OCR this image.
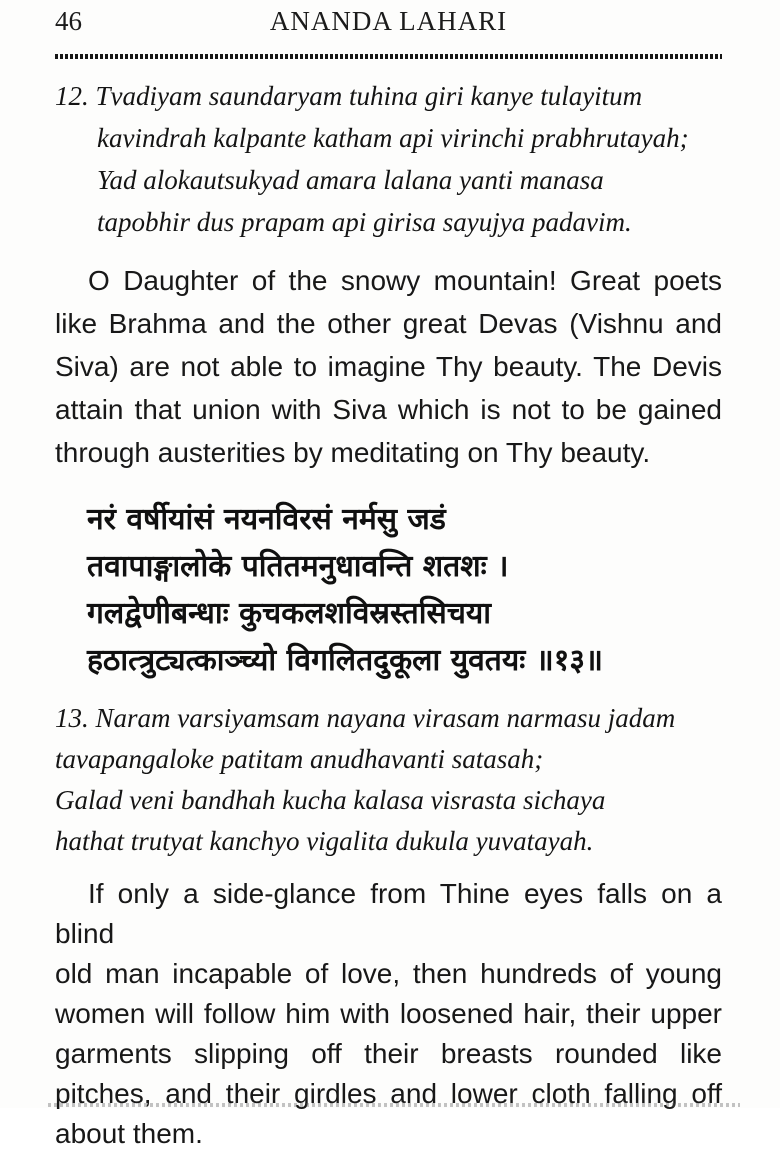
46	ANANDA LAHARI
12. Tvadiyam saundaryam tuhina giri kanye tulayitum
kavindrah kalpante katham api virinchi prabhrutayah;
Yad alokautsukyad amara lalana yanti manasa
tapobhir dus prapam api girisa sayujya padavim.
O Daughter of the snowy mountain! Great poets
like Brahma and the other great Devas (Vishnu and
Siva) are not able to imagine Thy beauty. The Devis
attain that union with Siva which is not to be gained
through austerities by meditating on Thy beauty.
नरं वर्षीयांसं नयनविरसं नर्मसु जडं
तवापाङ्गालोके पतितमनुधावन्ति शतशः ।
गलद्वेणीबन्धाः कुचकलशविस्रस्तसिचया
हठात्त्रुट्यत्काञ्च्यो विगलितदुकूला युवतयः ॥१३॥
13. Naram varsiyamsam nayana virasam narmasu jadam
tavapangaloke patitam anudhavanti satasah;
Galad veni bandhah kucha kalasa visrasta sichaya
hathat trutyat kanchyo vigalita dukula yuvatayah.
If only a side-glance from Thine eyes falls on a blind
old man incapable of love, then hundreds of young
women will follow him with loosened hair, their upper
garments slipping off their breasts rounded like
pitches, and their girdles and lower cloth falling off
about them.
